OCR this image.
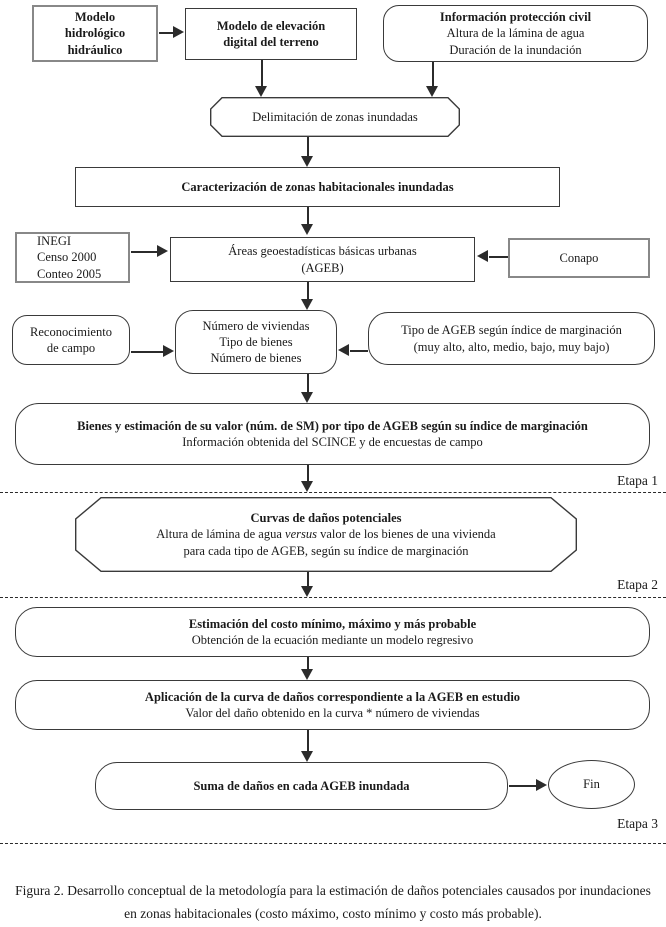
Modelo
hidrológico
hidráulico
Modelo de elevación
digital del terreno
Información protección civil
Altura de la lámina de agua
Duración de la inundación
Delimitación de zonas inundadas
Caracterización de zonas habitacionales inundadas
INEGI
Censo 2000
Conteo 2005
Áreas geoestadísticas básicas urbanas
(AGEB)
Conapo
Reconocimiento
de campo
Número de viviendas
Tipo de bienes
Número de bienes
Tipo de AGEB según índice de marginación
(muy alto, alto, medio, bajo, muy bajo)
Bienes y estimación de su valor (núm. de SM) por tipo de AGEB según su índice de marginación
Información obtenida del SCINCE y de encuestas de campo
Etapa 1
Curvas de daños potenciales
Altura de lámina de agua versus valor de los bienes de una vivienda
para cada tipo de AGEB, según su índice de marginación
Etapa 2
Estimación del costo mínimo, máximo y más probable
Obtención de la ecuación mediante un modelo regresivo
Aplicación de la curva de daños correspondiente a la AGEB en estudio
Valor del daño obtenido en la curva * número de viviendas
Suma de daños en cada AGEB inundada	Fin
Etapa 3
Figura 2. Desarrollo conceptual de la metodología para la estimación de daños potenciales causados por inundaciones
en zonas habitacionales (costo máximo, costo mínimo y costo más probable).
